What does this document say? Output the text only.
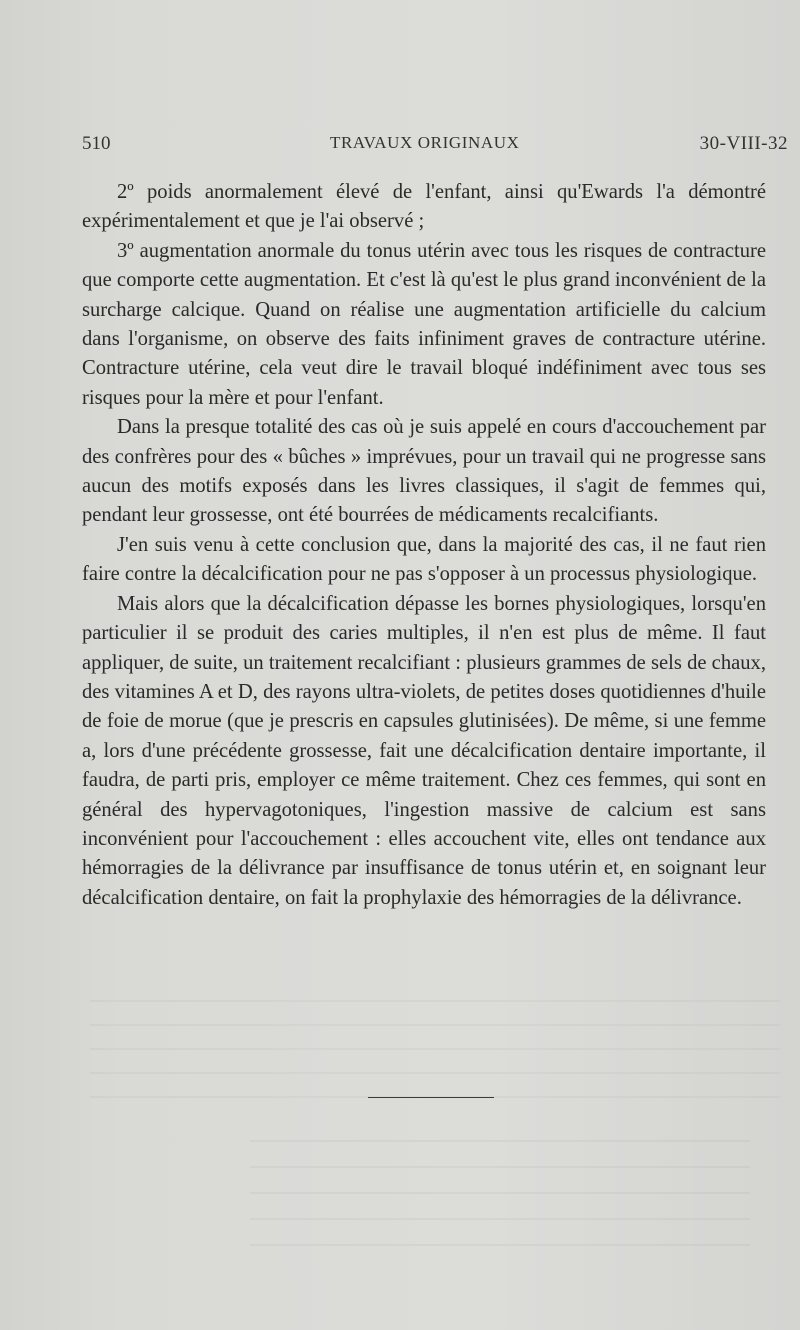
510	TRAVAUX ORIGINAUX	30-VIII-32

2º poids anormalement élevé de l'enfant, ainsi qu'Ewards l'a démontré expérimentalement et que je l'ai observé ;

3º augmentation anormale du tonus utérin avec tous les risques de contracture que comporte cette augmentation. Et c'est là qu'est le plus grand inconvénient de la surcharge calcique. Quand on réalise une augmentation artificielle du calcium dans l'organisme, on observe des faits infiniment graves de contracture utérine. Contracture utérine, cela veut dire le travail bloqué indéfiniment avec tous ses risques pour la mère et pour l'enfant.

Dans la presque totalité des cas où je suis appelé en cours d'accouchement par des confrères pour des « bûches » imprévues, pour un travail qui ne progresse sans aucun des motifs exposés dans les livres classiques, il s'agit de femmes qui, pendant leur grossesse, ont été bourrées de médicaments recalcifiants.

J'en suis venu à cette conclusion que, dans la majorité des cas, il ne faut rien faire contre la décalcification pour ne pas s'opposer à un processus physiologique.

Mais alors que la décalcification dépasse les bornes physiologiques, lorsqu'en particulier il se produit des caries multiples, il n'en est plus de même. Il faut appliquer, de suite, un traitement recalcifiant : plusieurs grammes de sels de chaux, des vitamines A et D, des rayons ultra-violets, de petites doses quotidiennes d'huile de foie de morue (que je prescris en capsules glutinisées). De même, si une femme a, lors d'une précédente grossesse, fait une décalcification dentaire importante, il faudra, de parti pris, employer ce même traitement. Chez ces femmes, qui sont en général des hypervagotoniques, l'ingestion massive de calcium est sans inconvénient pour l'accouchement : elles accouchent vite, elles ont tendance aux hémorragies de la délivrance par insuffisance de tonus utérin et, en soignant leur décalcification dentaire, on fait la prophylaxie des hémorragies de la délivrance.
